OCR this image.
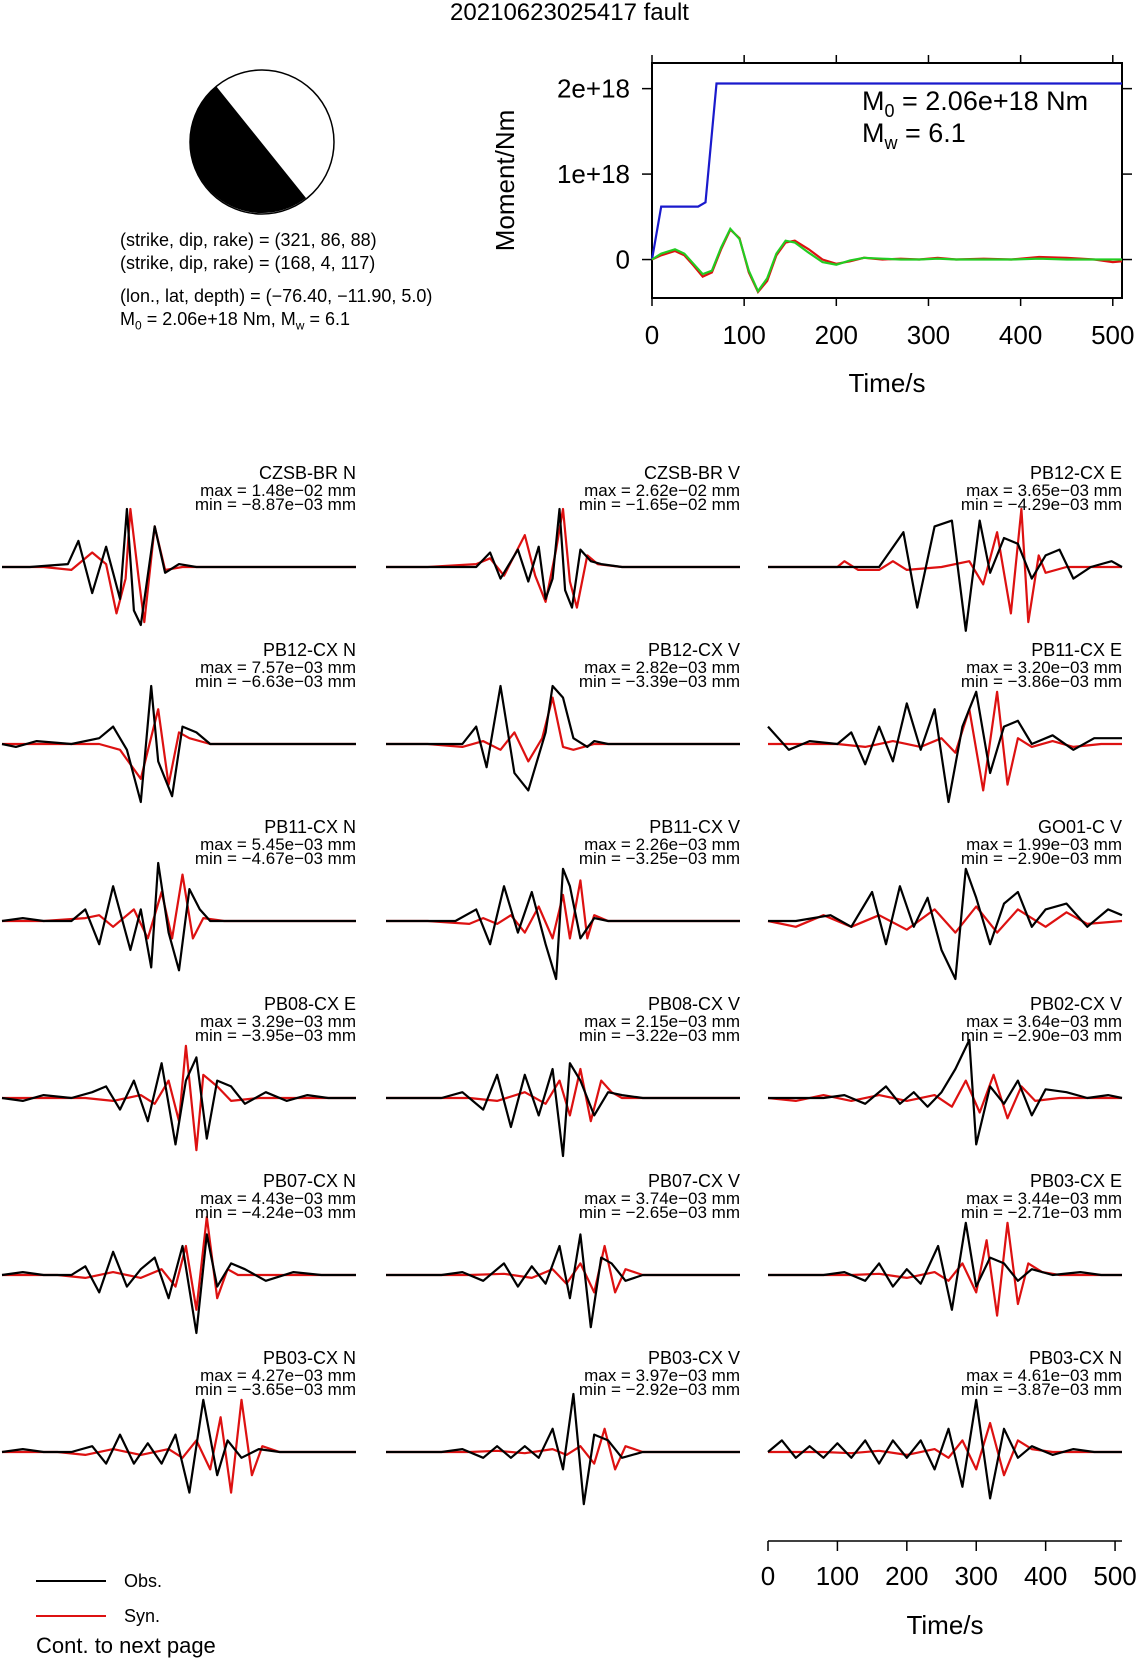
20210623025417 fault
(strike, dip, rake) = (321, 86, 88)
(strike, dip, rake) = (168, 4, 117)
(lon., lat, depth) = (−76.40, −11.90, 5.0)
$M_0 = 2.06e+18$ Nm, $M_w = 6.1$
0 100 200 300 400 500
0
1e+18
2e+18
Time/s
Moment/Nm
$M_0 = 2.06e+18$ Nm
$M_w = 6.1$
CZSB-BR N
max = 1.48e−02 mm
min = −8.87e−03 mm
CZSB-BR V
max = 2.62e−02 mm
min = −1.65e−02 mm
PB12-CX E
max = 3.65e−03 mm
min = −4.29e−03 mm
PB12-CX N
max = 7.57e−03 mm
min = −6.63e−03 mm
PB12-CX V
max = 2.82e−03 mm
min = −3.39e−03 mm
PB11-CX E
max = 3.20e−03 mm
min = −3.86e−03 mm
PB11-CX N
max = 5.45e−03 mm
min = −4.67e−03 mm
PB11-CX V
max = 2.26e−03 mm
min = −3.25e−03 mm
GO01-C V
max = 1.99e−03 mm
min = −2.90e−03 mm
PB08-CX E
max = 3.29e−03 mm
min = −3.95e−03 mm
PB08-CX V
max = 2.15e−03 mm
min = −3.22e−03 mm
PB02-CX V
max = 3.64e−03 mm
min = −2.90e−03 mm
PB07-CX N
max = 4.43e−03 mm
min = −4.24e−03 mm
PB07-CX V
max = 3.74e−03 mm
min = −2.65e−03 mm
PB03-CX E
max = 3.44e−03 mm
min = −2.71e−03 mm
PB03-CX N
max = 4.27e−03 mm
min = −3.65e−03 mm
PB03-CX V
max = 3.97e−03 mm
min = −2.92e−03 mm
PB03-CX N
max = 4.61e−03 mm
min = −3.87e−03 mm
0 100 200 300 400 500
Time/s
Obs.
Syn.
Cont. to next page
